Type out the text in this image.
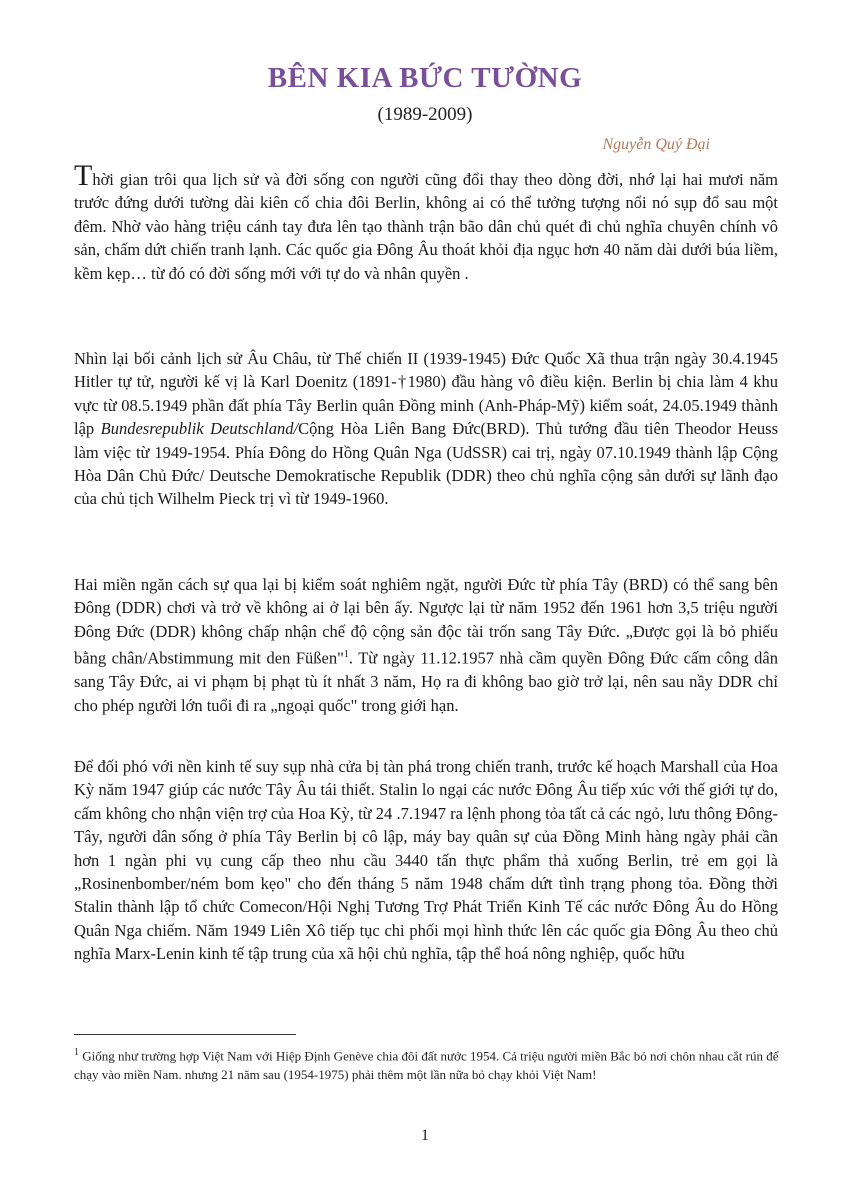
BÊN KIA BỨC TƯỜNG
(1989-2009)
Nguyễn Quý Đại

Thời gian trôi qua lịch sử và đời sống con người cũng đổi thay theo dòng đời, nhớ lại hai mươi năm trước đứng dưới tường dài kiên cố chia đôi Berlin, không ai có thể tưởng tượng nổi nó sụp đổ sau một đêm. Nhờ vào hàng triệu cánh tay đưa lên tạo thành trận bão dân chủ quét đi chủ nghĩa chuyên chính vô sản, chấm dứt chiến tranh lạnh. Các quốc gia Đông Âu thoát khỏi địa ngục hơn 40 năm dài dưới búa liềm, kềm kẹp… từ đó có đời sống mới với tự do và nhân quyền .

Nhìn lại bối cảnh lịch sử Âu Châu, từ Thế chiến II (1939-1945) Đức Quốc Xã thua trận ngày 30.4.1945 Hitler tự tử, người kế vị là Karl Doenitz (1891-†1980) đầu hàng vô điều kiện. Berlin bị chia làm 4 khu vực từ 08.5.1949 phần đất phía Tây Berlin quân Đồng minh (Anh-Pháp-Mỹ) kiểm soát, 24.05.1949 thành lập Bundesrepublik Deutschland/Cộng Hòa Liên Bang Đức(BRD). Thủ tướng đầu tiên Theodor Heuss làm việc từ 1949-1954. Phía Đông do Hồng Quân Nga (UdSSR) cai trị, ngày 07.10.1949 thành lập Cộng Hòa Dân Chủ Đức/ Deutsche Demokratische Republik (DDR) theo chủ nghĩa cộng sản dưới sự lãnh đạo của chủ tịch Wilhelm Pieck trị vì từ 1949-1960.

Hai miền ngăn cách sự qua lại bị kiểm soát nghiêm ngặt, người Đức từ phía Tây (BRD) có thể sang bên Đông (DDR) chơi và trở về không ai ở lại bên ấy. Ngược lại từ năm 1952 đến 1961 hơn 3,5 triệu người Đông Đức (DDR) không chấp nhận chế độ cộng sản độc tài trốn sang Tây Đức. „Được gọi là bỏ phiếu bằng chân/Abstimmung mit den Füßen"$^1$. Từ ngày 11.12.1957 nhà cầm quyền Đông Đức cấm công dân sang Tây Đức, ai vi phạm bị phạt tù ít nhất 3 năm, Họ ra đi không bao giờ trở lại, nên sau nầy DDR chỉ cho phép người lớn tuổi đi ra „ngoại quốc" trong giới hạn.

Để đối phó với nền kinh tế suy sụp nhà cửa bị tàn phá trong chiến tranh, trước kế hoạch Marshall của Hoa Kỳ năm 1947 giúp các nước Tây Âu tái thiết. Stalin lo ngại các nước Đông Âu tiếp xúc với thế giới tự do, cấm không cho nhận viện trợ của Hoa Kỳ, từ 24 .7.1947 ra lệnh phong tỏa tất cả các ngỏ, lưu thông Đông-Tây, người dân sống ở phía Tây Berlin bị cô lập, máy bay quân sự của Đồng Minh hàng ngày phải cần hơn 1 ngàn phi vụ cung cấp theo nhu cầu 3440 tấn thực phẩm thả xuống Berlin, trẻ em gọi là „Rosinenbomber/ném bom kẹo" cho đến tháng 5 năm 1948 chấm dứt tình trạng phong tỏa. Đồng thời Stalin thành lập tổ chức Comecon/Hội Nghị Tương Trợ Phát Triển Kinh Tế các nước Đông Âu do Hồng Quân Nga chiếm. Năm 1949 Liên Xô tiếp tục chi phối mọi hình thức lên các quốc gia Đông Âu theo chủ nghĩa Marx-Lenin kinh tế tập trung của xã hội chủ nghĩa, tập thể hoá nông nghiệp, quốc hữu

$^1$ Giống như trường hợp Việt Nam với Hiệp Định Genève chia đôi đất nước 1954. Cả triệu người miền Bắc bỏ nơi chôn nhau cắt rún để chạy vào miền Nam. nhưng 21 năm sau (1954-1975) phải thêm một lần nữa bỏ chạy khỏi Việt Nam!
1
